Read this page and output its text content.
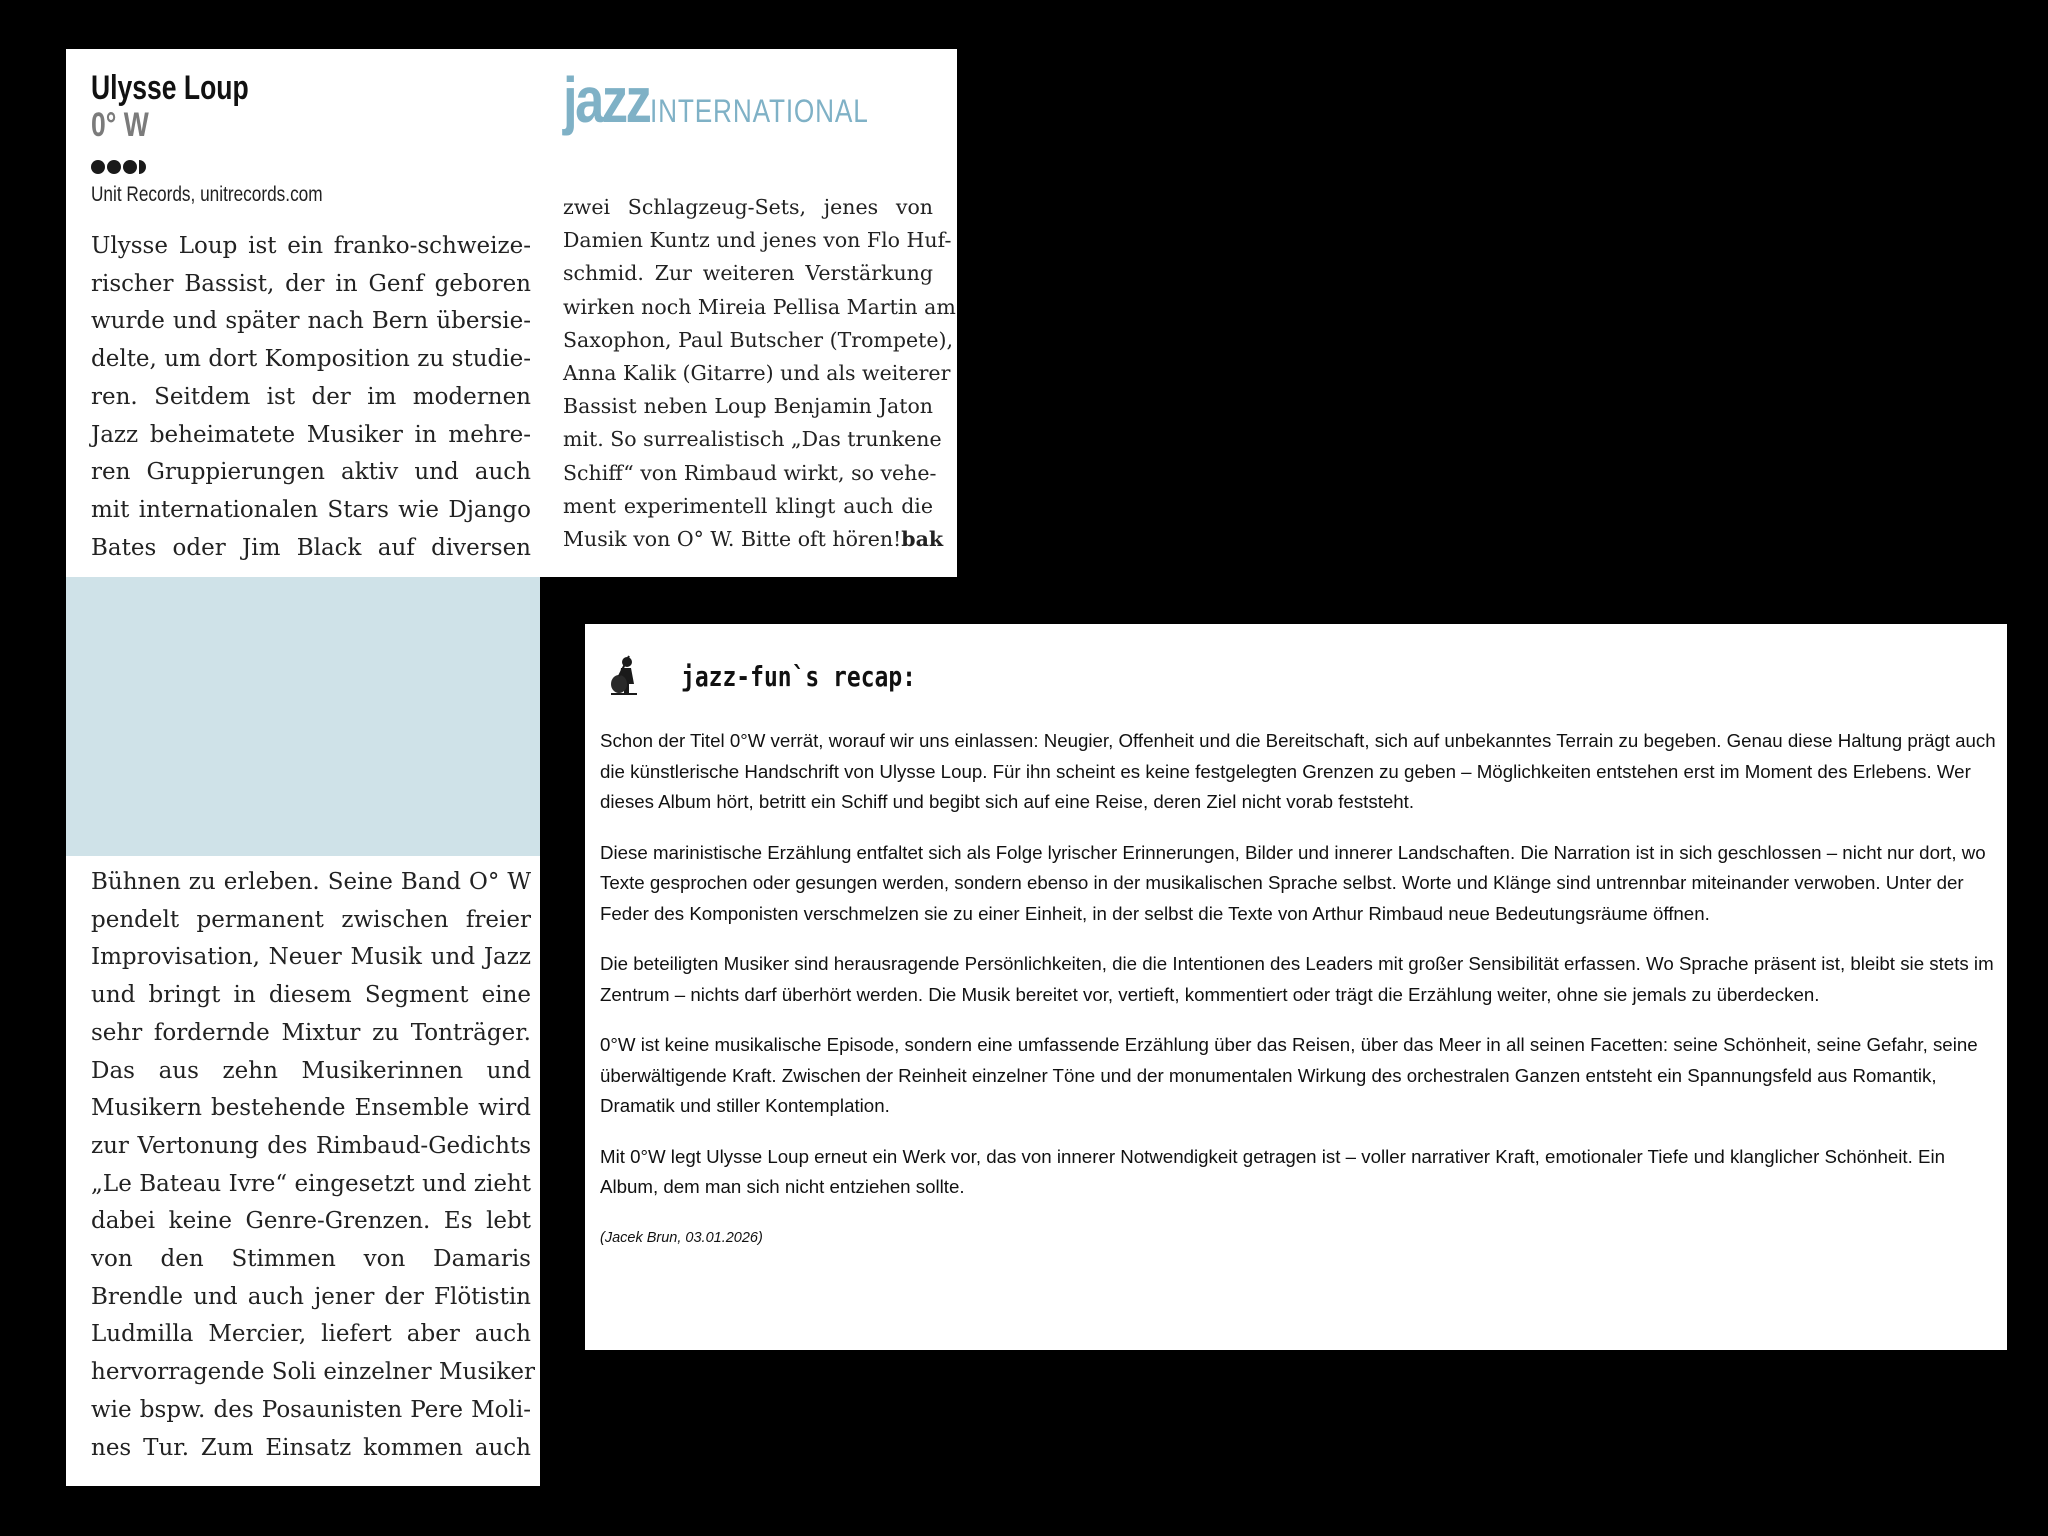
Ulysse Loup
0° W
Unit Records, unitrecords.com
jazzINTERNATIONAL
Ulysse Loup ist ein franko-schweize-
rischer Bassist, der in Genf geboren
wurde und später nach Bern übersie-
delte, um dort Komposition zu studie-
ren. Seitdem ist der im modernen
Jazz beheimatete Musiker in mehre-
ren Gruppierungen aktiv und auch
mit internationalen Stars wie Django
Bates oder Jim Black auf diversen
zwei Schlagzeug-Sets, jenes von
Damien Kuntz und jenes von Flo Huf-
schmid. Zur weiteren Verstärkung
wirken noch Mireia Pellisa Martin am
Saxophon, Paul Butscher (Trompete),
Anna Kalik (Gitarre) und als weiterer
Bassist neben Loup Benjamin Jaton
mit. So surrealistisch „Das trunkene
Schiff“ von Rimbaud wirkt, so vehe-
ment experimentell klingt auch die
Musik von O° W. Bitte oft hören! bak
Bühnen zu erleben. Seine Band O° W
pendelt permanent zwischen freier
Improvisation, Neuer Musik und Jazz
und bringt in diesem Segment eine
sehr fordernde Mixtur zu Tonträger.
Das aus zehn Musikerinnen und
Musikern bestehende Ensemble wird
zur Vertonung des Rimbaud-Gedichts
„Le Bateau Ivre“ eingesetzt und zieht
dabei keine Genre-Grenzen. Es lebt
von den Stimmen von Damaris
Brendle und auch jener der Flötistin
Ludmilla Mercier, liefert aber auch
hervorragende Soli einzelner Musiker
wie bspw. des Posaunisten Pere Moli-
nes Tur. Zum Einsatz kommen auch
jazz-fun`s recap:

Schon der Titel 0°W verrät, worauf wir uns einlassen: Neugier, Offenheit und die Bereitschaft, sich auf unbekanntes Terrain zu begeben. Genau diese Haltung prägt auch die künstlerische Handschrift von Ulysse Loup. Für ihn scheint es keine festgelegten Grenzen zu geben – Möglichkeiten entstehen erst im Moment des Erlebens. Wer dieses Album hört, betritt ein Schiff und begibt sich auf eine Reise, deren Ziel nicht vorab feststeht.

Diese marinistische Erzählung entfaltet sich als Folge lyrischer Erinnerungen, Bilder und innerer Landschaften. Die Narration ist in sich geschlossen – nicht nur dort, wo Texte gesprochen oder gesungen werden, sondern ebenso in der musikalischen Sprache selbst. Worte und Klänge sind untrennbar miteinander verwoben. Unter der Feder des Komponisten verschmelzen sie zu einer Einheit, in der selbst die Texte von Arthur Rimbaud neue Bedeutungsräume öffnen.

Die beteiligten Musiker sind herausragende Persönlichkeiten, die die Intentionen des Leaders mit großer Sensibilität erfassen. Wo Sprache präsent ist, bleibt sie stets im Zentrum – nichts darf überhört werden. Die Musik bereitet vor, vertieft, kommentiert oder trägt die Erzählung weiter, ohne sie jemals zu überdecken.

0°W ist keine musikalische Episode, sondern eine umfassende Erzählung über das Reisen, über das Meer in all seinen Facetten: seine Schönheit, seine Gefahr, seine überwältigende Kraft. Zwischen der Reinheit einzelner Töne und der monumentalen Wirkung des orchestralen Ganzen entsteht ein Spannungsfeld aus Romantik, Dramatik und stiller Kontemplation.

Mit 0°W legt Ulysse Loup erneut ein Werk vor, das von innerer Notwendigkeit getragen ist – voller narrativer Kraft, emotionaler Tiefe und klanglicher Schönheit. Ein Album, dem man sich nicht entziehen sollte.

(Jacek Brun, 03.01.2026)
